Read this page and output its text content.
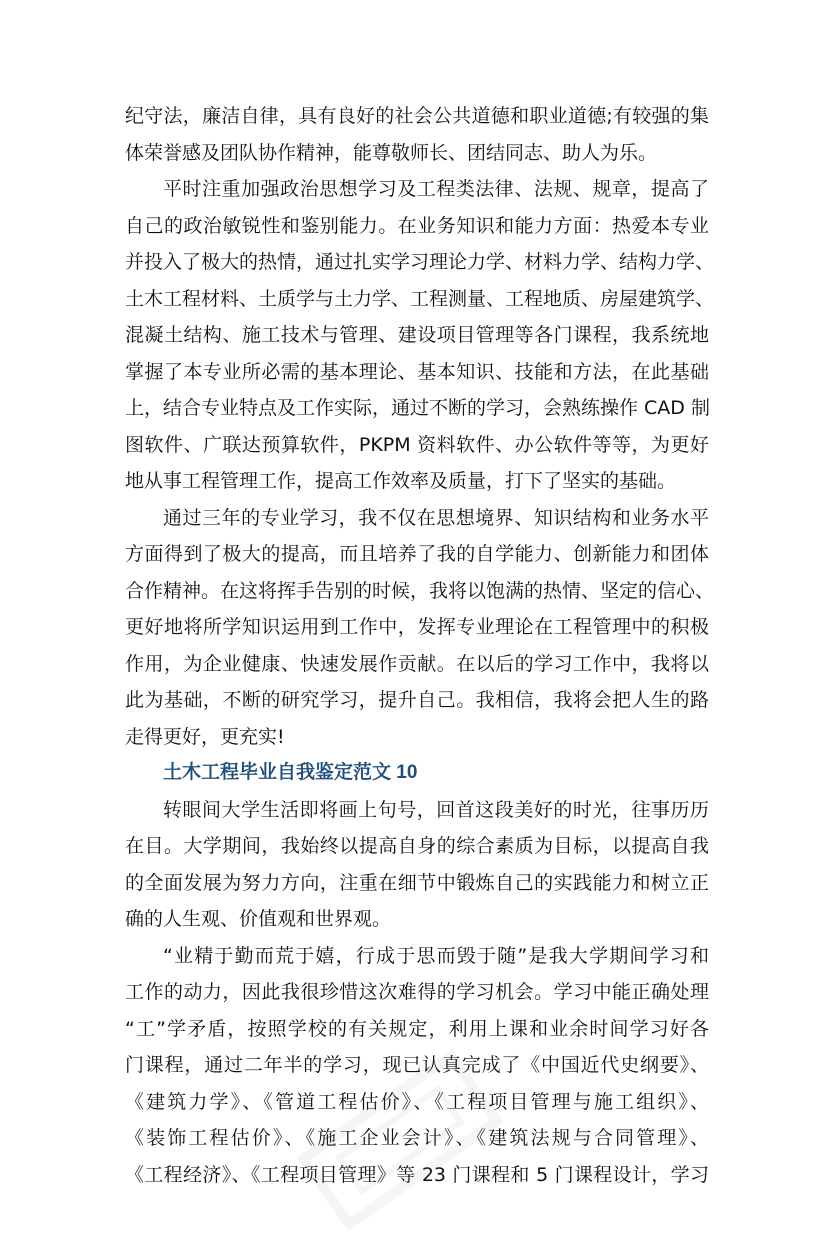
纪守法，廉洁自律，具有良好的社会公共道德和职业道德;有较强的集
体荣誉感及团队协作精神，能尊敬师长、团结同志、助人为乐。

平时注重加强政治思想学习及工程类法律、法规、规章，提高了
自己的政治敏锐性和鉴别能力。在业务知识和能力方面：热爱本专业
并投入了极大的热情，通过扎实学习理论力学、材料力学、结构力学、
土木工程材料、土质学与土力学、工程测量、工程地质、房屋建筑学、
混凝土结构、施工技术与管理、建设项目管理等各门课程，我系统地
掌握了本专业所必需的基本理论、基本知识、技能和方法，在此基础
上，结合专业特点及工作实际，通过不断的学习，会熟练操作 CAD 制
图软件、广联达预算软件，PKPM 资料软件、办公软件等等，为更好
地从事工程管理工作，提高工作效率及质量，打下了坚实的基础。

通过三年的专业学习，我不仅在思想境界、知识结构和业务水平
方面得到了极大的提高，而且培养了我的自学能力、创新能力和团体
合作精神。在这将挥手告别的时候，我将以饱满的热情、坚定的信心、
更好地将所学知识运用到工作中，发挥专业理论在工程管理中的积极
作用，为企业健康、快速发展作贡献。在以后的学习工作中，我将以
此为基础，不断的研究学习，提升自己。我相信，我将会把人生的路
走得更好，更充实!

土木工程毕业自我鉴定范文 10

转眼间大学生活即将画上句号，回首这段美好的时光，往事历历
在目。大学期间，我始终以提高自身的综合素质为目标，以提高自我
的全面发展为努力方向，注重在细节中锻炼自己的实践能力和树立正
确的人生观、价值观和世界观。

“业精于勤而荒于嬉，行成于思而毁于随”是我大学期间学习和
工作的动力，因此我很珍惜这次难得的学习机会。学习中能正确处理
“工”学矛盾，按照学校的有关规定，利用上课和业余时间学习好各
门课程，通过二年半的学习，现已认真完成了《中国近代史纲要》、
《建筑力学》、《管道工程估价》、《工程项目管理与施工组织》、
《装饰工程估价》、《施工企业会计》、《建筑法规与合同管理》、
《工程经济》、《工程项目管理》等 23 门课程和 5 门课程设计，学习
